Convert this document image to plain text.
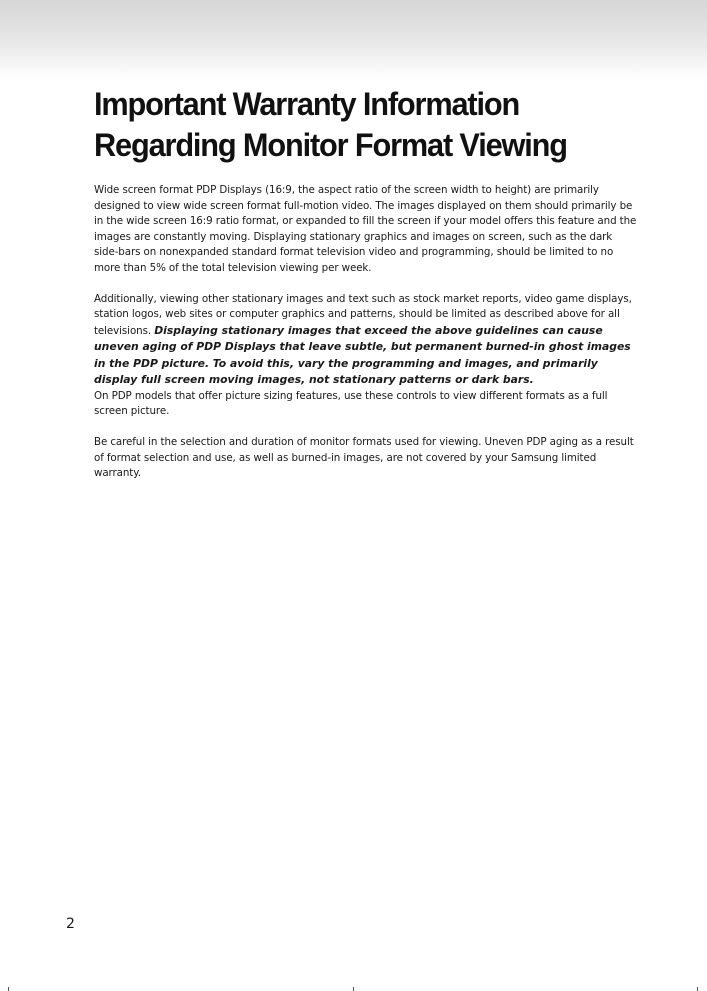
Important Warranty Information
Regarding Monitor Format Viewing

Wide screen format PDP Displays (16:9, the aspect ratio of the screen width to height) are primarily designed to view wide screen format full-motion video. The images displayed on them should primarily be in the wide screen 16:9 ratio format, or expanded to fill the screen if your model offers this feature and the images are constantly moving. Displaying stationary graphics and images on screen, such as the dark side-bars on nonexpanded standard format television video and programming, should be limited to no more than 5% of the total television viewing per week.

Additionally, viewing other stationary images and text such as stock market reports, video game displays, station logos, web sites or computer graphics and patterns, should be limited as described above for all televisions. Displaying stationary images that exceed the above guidelines can cause uneven aging of PDP Displays that leave subtle, but permanent burned-in ghost images in the PDP picture. To avoid this, vary the programming and images, and primarily display full screen moving images, not stationary patterns or dark bars.

On PDP models that offer picture sizing features, use these controls to view different formats as a full screen picture.

Be careful in the selection and duration of monitor formats used for viewing. Uneven PDP aging as a result of format selection and use, as well as burned-in images, are not covered by your Samsung limited warranty.

2
